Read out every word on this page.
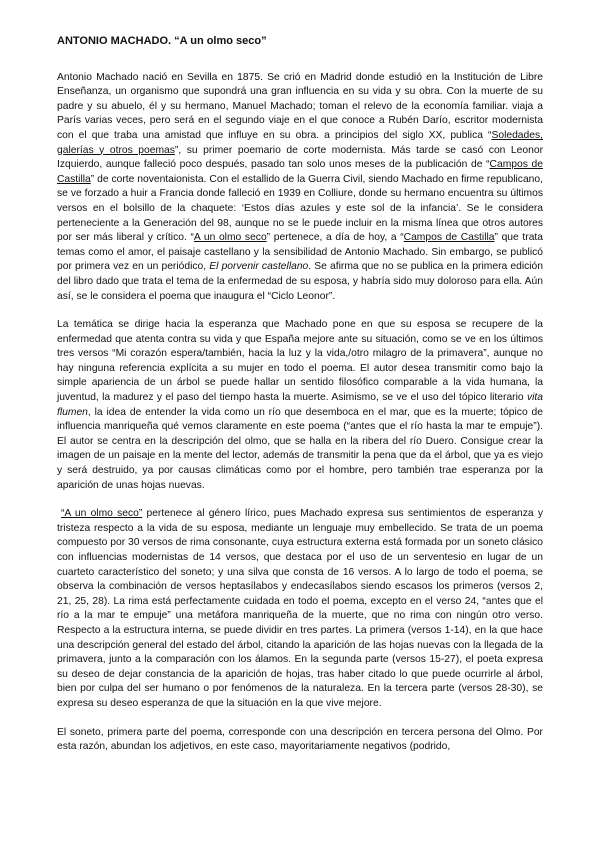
ANTONIO MACHADO. “A un olmo seco”

Antonio Machado nació en Sevilla en 1875. Se crió en Madrid donde estudió en la Institución de Libre Enseñanza, un organismo que supondrá una gran influencia en su vida y su obra. Con la muerte de su padre y su abuelo, él y su hermano, Manuel Machado; toman el relevo de la economía familiar. viaja a París varias veces, pero será en el segundo viaje en el que conoce a Rubén Darío, escritor modernista con el que traba una amistad que influye en su obra. a principios del siglo XX, publica “Soledades, galerías y otros poemas”, su primer poemario de corte modernista. Más tarde se casó con Leonor Izquierdo, aunque falleció poco después, pasado tan solo unos meses de la publicación de “Campos de Castilla” de corte noventaionista. Con el estallido de la Guerra Civil, siendo Machado en firme republicano, se ve forzado a huir a Francia donde falleció en 1939 en Colliure, donde su hermano encuentra su últimos versos en el bolsillo de la chaquete: ‘Estos días azules y este sol de la infancia’. Se le considera perteneciente a la Generación del 98, aunque no se le puede incluir en la misma línea que otros autores por ser más liberal y crítico. “A un olmo seco” pertenece, a día de hoy, a “Campos de Castilla” que trata temas como el amor, el paisaje castellano y la sensibilidad de Antonio Machado. Sin embargo, se publicó por primera vez en un periódico, El porvenir castellano. Se afirma que no se publica en la primera edición del libro dado que trata el tema de la enfermedad de su esposa, y habría sido muy doloroso para ella. Aún así, se le considera el poema que inaugura el “Ciclo Leonor”.

La temática se dirige hacia la esperanza que Machado pone en que su esposa se recupere de la enfermedad que atenta contra su vida y que España mejore ante su situación, como se ve en los últimos tres versos “Mi corazón espera/también, hacia la luz y la vida,/otro milagro de la primavera”, aunque no hay ninguna referencia explícita a su mujer en todo el poema. El autor desea transmitir como bajo la simple apariencia de un árbol se puede hallar un sentido filosófico comparable a la vida humana, la juventud, la madurez y el paso del tiempo hasta la muerte. Asimismo, se ve el uso del tópico literario vita flumen, la idea de entender la vida como un río que desemboca en el mar, que es la muerte; tópico de influencia manriqueña qué vemos claramente en este poema (“antes que el río hasta la mar te empuje”). El autor se centra en la descripción del olmo, que se halla en la ribera del río Duero. Consigue crear la imagen de un paisaje en la mente del lector, además de transmitir la pena que da el árbol, que ya es viejo y será destruido, ya por causas climáticas como por el hombre, pero también trae esperanza por la aparición de unas hojas nuevas.

“A un olmo seco” pertenece al género lírico, pues Machado expresa sus sentimientos de esperanza y tristeza respecto a la vida de su esposa, mediante un lenguaje muy embellecido. Se trata de un poema compuesto por 30 versos de rima consonante, cuya estructura externa está formada por un soneto clásico con influencias modernistas de 14 versos, que destaca por el uso de un serventesio en lugar de un cuarteto característico del soneto; y una silva que consta de 16 versos. A lo largo de todo el poema, se observa la combinación de versos heptasílabos y endecasílabos siendo escasos los primeros (versos 2, 21, 25, 28). La rima está perfectamente cuidada en todo el poema, excepto en el verso 24, “antes que el río a la mar te empuje” una metáfora manriqueña de la muerte, que no rima con ningún otro verso. Respecto a la estructura interna, se puede dividir en tres partes. La primera (versos 1-14), en la que hace una descripción general del estado del árbol, citando la aparición de las hojas nuevas con la llegada de la primavera, junto a la comparación con los álamos. En la segunda parte (versos 15-27), el poeta expresa su deseo de dejar constancia de la aparición de hojas, tras haber citado lo que puede ocurrirle al árbol, bien por culpa del ser humano o por fenómenos de la naturaleza. En la tercera parte (versos 28-30), se expresa su deseo esperanza de que la situación en la que vive mejore.

El soneto, primera parte del poema, corresponde con una descripción en tercera persona del Olmo. Por esta razón, abundan los adjetivos, en este caso, mayoritariamente negativos (podrido,
